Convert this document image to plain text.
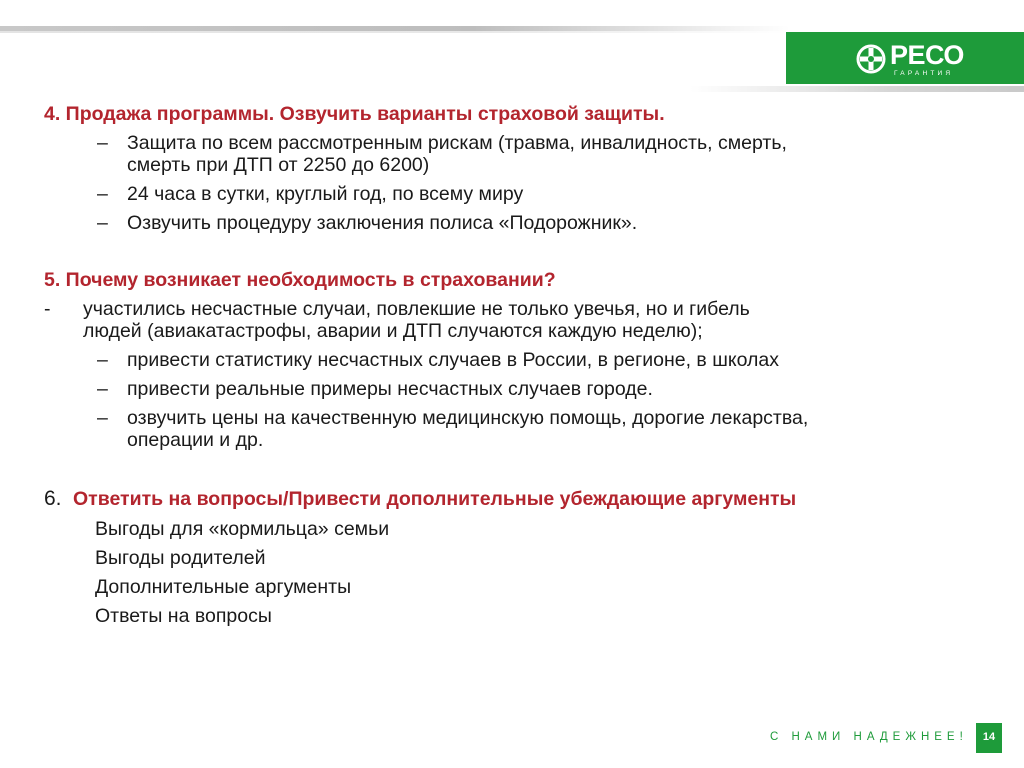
РЕСО
ГАРАНТИЯ
4. Продажа программы. Озвучить варианты страховой защиты.
– Защита по всем рассмотренным рискам (травма, инвалидность, смерть,
смерть при ДТП от 2250 до 6200)
– 24 часа в сутки, круглый год, по всему миру
– Озвучить процедуру заключения полиса «Подорожник».
5. Почему возникает необходимость в страховании?
- участились несчастные случаи, повлекшие не только увечья, но и гибель
людей (авиакатастрофы, аварии и ДТП случаются каждую неделю);
– привести статистику несчастных случаев в России, в регионе, в школах
– привести реальные примеры несчастных случаев городе.
– озвучить цены на качественную медицинскую помощь, дорогие лекарства,
операции и др.
6. Ответить на вопросы/Привести дополнительные убеждающие аргументы
Выгоды для «кормильца» семьи
Выгоды родителей
Дополнительные аргументы
Ответы на вопросы
С НАМИ НАДЕЖНЕЕ!	14
